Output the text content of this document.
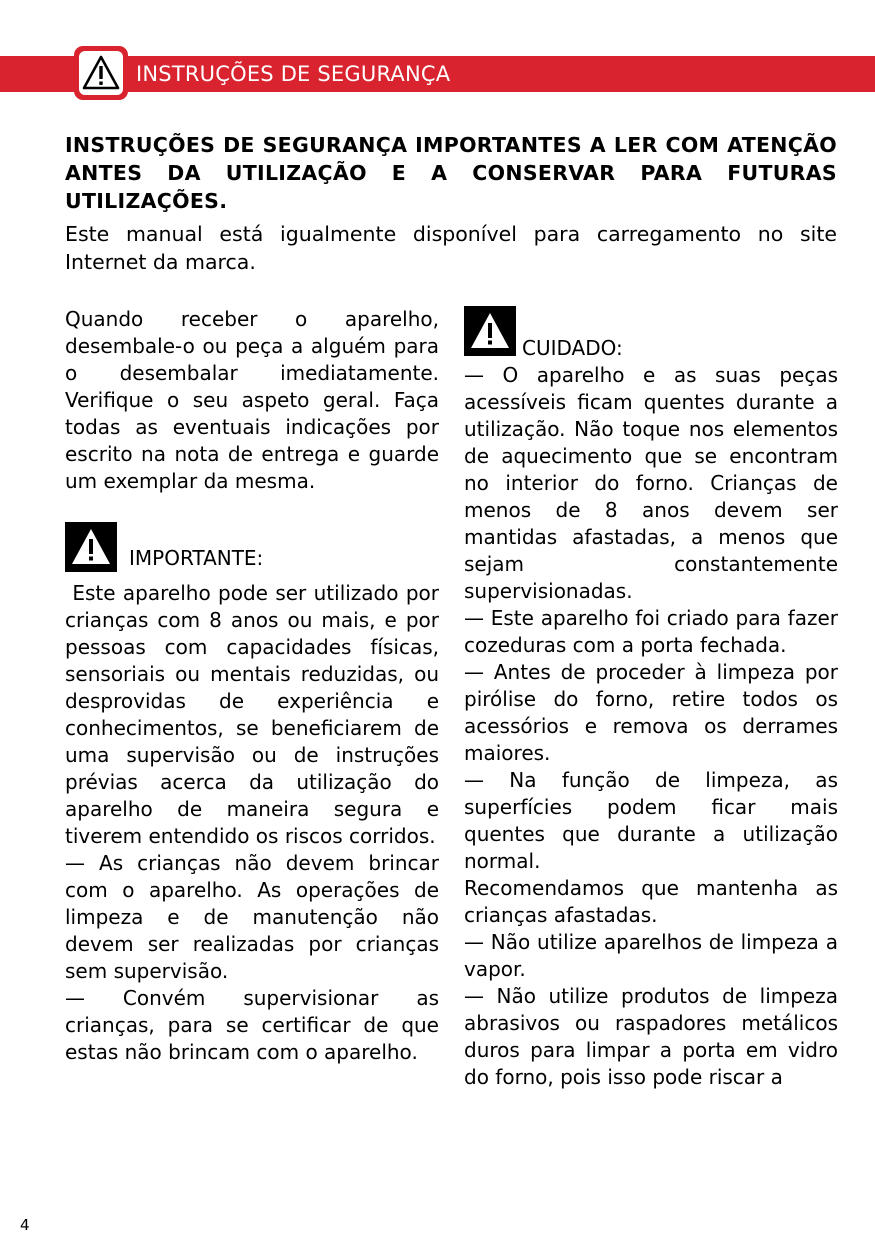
INSTRUÇÕES DE SEGURANÇA

INSTRUÇÕES DE SEGURANÇA IMPORTANTES A LER COM ATENÇÃO ANTES DA UTILIZAÇÃO E A CONSERVAR PARA FUTURAS UTILIZAÇÕES.

Este manual está igualmente disponível para carregamento no site Internet da marca.

Quando receber o aparelho, desembale-o ou peça a alguém para o desembalar imediatamente. Verifique o seu aspeto geral. Faça todas as eventuais indicações por escrito na nota de entrega e guarde um exemplar da mesma.

IMPORTANTE:

Este aparelho pode ser utilizado por crianças com 8 anos ou mais, e por pessoas com capacidades físicas, sensoriais ou mentais reduzidas, ou desprovidas de experiência e conhecimentos, se beneficiarem de uma supervisão ou de instruções prévias acerca da utilização do aparelho de maneira segura e tiverem entendido os riscos corridos.

— As crianças não devem brincar com o aparelho. As operações de limpeza e de manutenção não devem ser realizadas por crianças sem supervisão.

— Convém supervisionar as crianças, para se certificar de que estas não brincam com o aparelho.

CUIDADO:

— O aparelho e as suas peças acessíveis ficam quentes durante a utilização. Não toque nos elementos de aquecimento que se encontram no interior do forno. Crianças de menos de 8 anos devem ser mantidas afastadas, a menos que sejam constantemente supervisionadas.

— Este aparelho foi criado para fazer cozeduras com a porta fechada.

— Antes de proceder à limpeza por pirólise do forno, retire todos os acessórios e remova os derrames maiores.

— Na função de limpeza, as superfícies podem ficar mais quentes que durante a utilização normal.

Recomendamos que mantenha as crianças afastadas.

— Não utilize aparelhos de limpeza a vapor.

— Não utilize produtos de limpeza abrasivos ou raspadores metálicos duros para limpar a porta em vidro do forno, pois isso pode riscar a

4
